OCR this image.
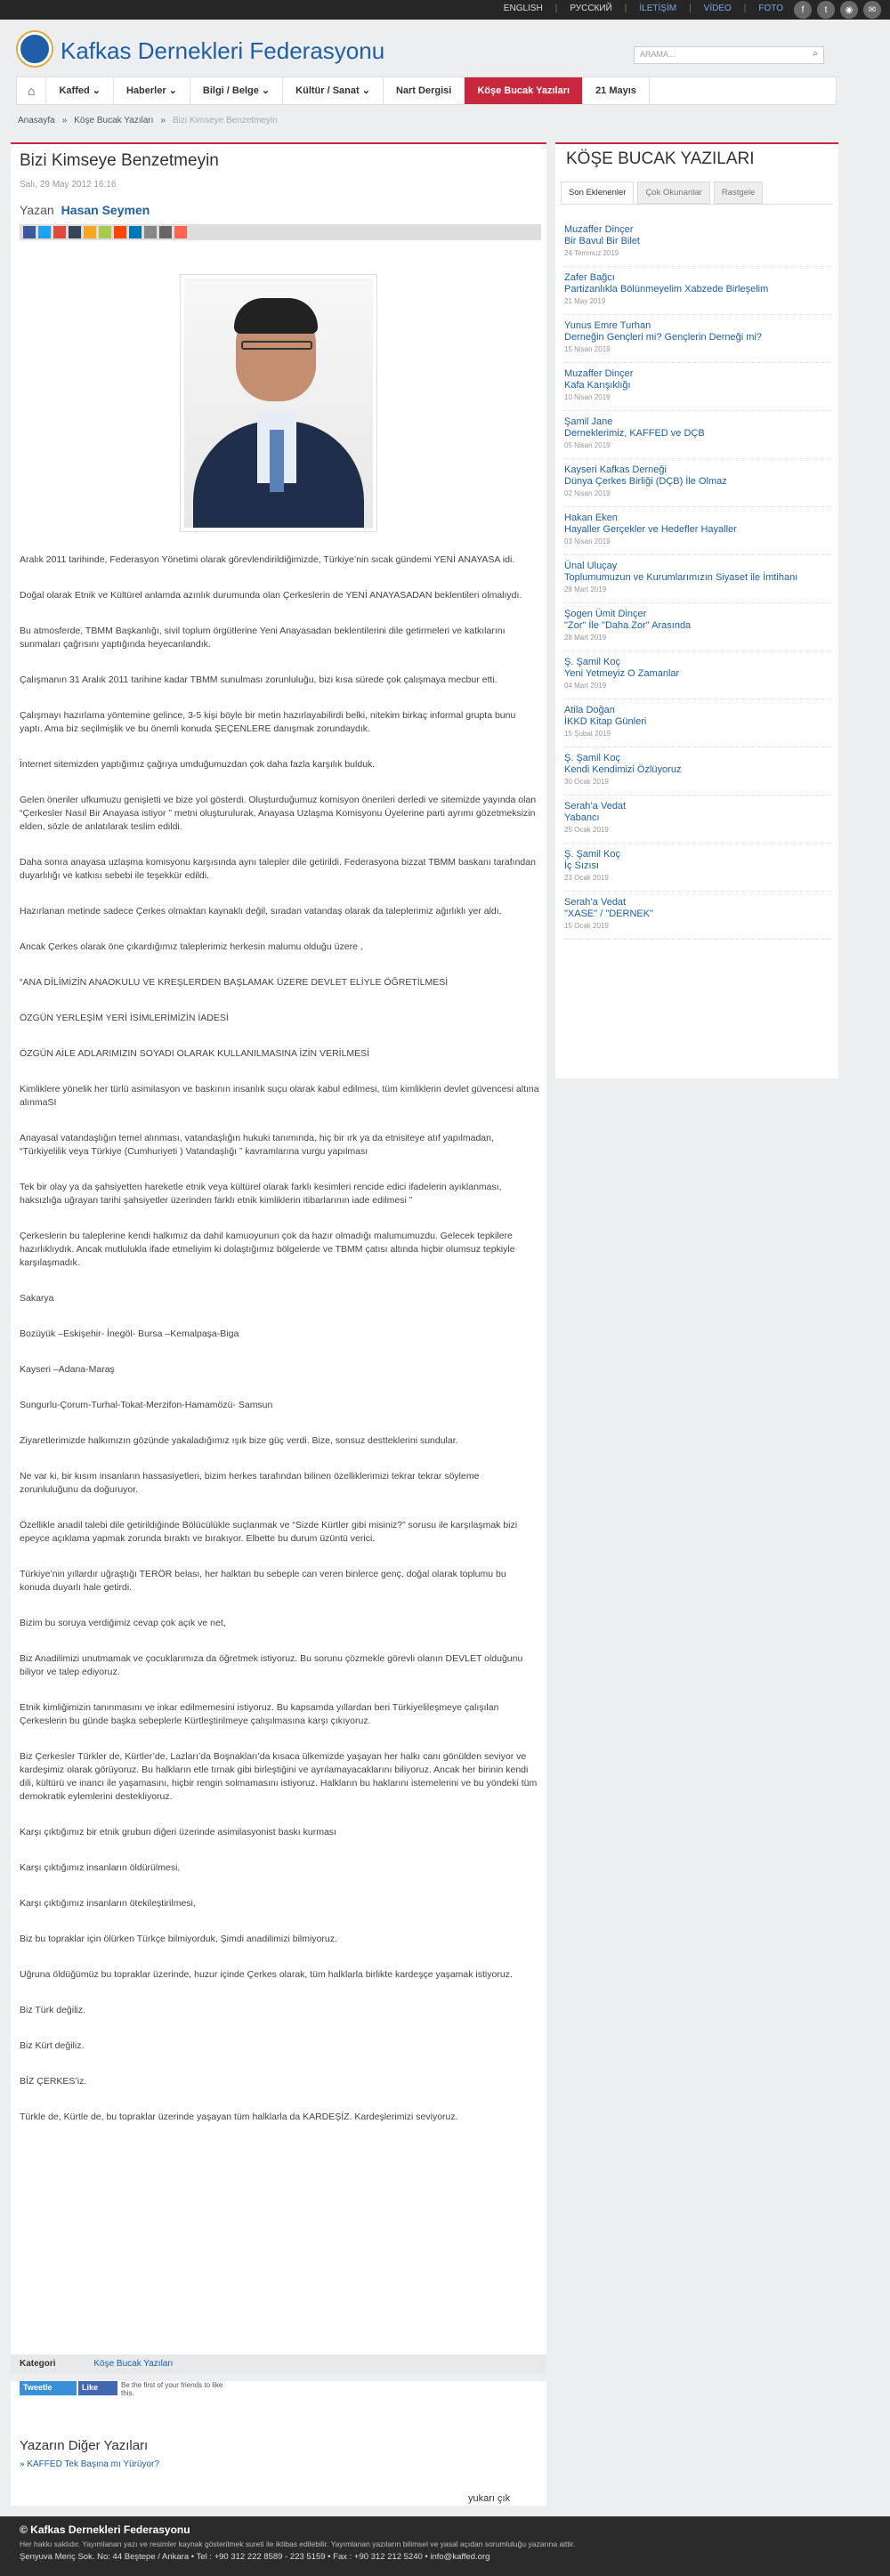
ENGLISH | РУССКИЙ | İLETİŞİM | VİDEO | FOTO	f	t	◉	✉
Kafkas Dernekleri Federasyonu	ARAMA...	⌕
⌂	Kaffed ⌄	Haberler ⌄	Bilgi / Belge ⌄	Kültür / Sanat ⌄	Nart Dergisi	Köşe Bucak Yazıları	21 Mayıs
Anasayfa » Köşe Bucak Yazıları » Bizi Kimseye Benzetmeyin
Bizi Kimseye Benzetmeyin
Salı, 29 May 2012 16:16
Yazan Hasan Seymen

Aralık 2011 tarihinde, Federasyon Yönetimi olarak görevlendirildiğimizde, Türkiye’nin sıcak gündemi YENİ ANAYASA idi.

Doğal olarak Etnik ve Kültürel anlamda azınlık durumunda olan Çerkeslerin de YENİ ANAYASADAN beklentileri olmalıydı.

Bu atmosferde, TBMM Başkanlığı, sivil toplum örgütlerine Yeni Anayasadan beklentilerini dile getirmeleri ve katkılarını sunmaları çağrısını yaptığında heyecanlandık.

Çalışmanın 31 Aralık 2011 tarihine kadar TBMM sunulması zorunluluğu, bizi kısa sürede çok çalışmaya mecbur etti.

Çalışmayı hazırlama yöntemine gelince, 3-5 kişi böyle bir metin hazırlayabilirdi belki, nitekim birkaç informal grupta bunu yaptı. Ama biz seçilmişlik ve bu önemli konuda ŞEÇENLERE danışmak zorundaydık.

İnternet sitemizden yaptığımız çağrıya umduğumuzdan çok daha fazla karşılık bulduk.

Gelen öneriler ufkumuzu genişletti ve bize yol gösterdi. Oluşturduğumuz komisyon önerileri derledi ve sitemizde yayında olan “Çerkesler Nasıl Bir Anayasa istiyor ” metni oluşturulurak, Anayasa Uzlaşma Komisyonu Üyelerine parti ayrımı gözetmeksizin elden, sözle de anlatılarak teslim edildi.

Daha sonra anayasa uzlaşma komisyonu karşısında aynı talepler dile getirildi. Federasyona bizzat TBMM baskanı tarafından duyarlılığı ve katkısı sebebi ile teşekkür edildi.

Hazırlanan metinde sadece Çerkes olmaktan kaynaklı değil, sıradan vatandaş olarak da taleplerimiz ağırlıklı yer aldı.

Ancak Çerkes olarak öne çıkardığımız taleplerimiz herkesin malumu olduğu üzere ,

“ANA DİLİMİZİN ANAOKULU VE KREŞLERDEN BAŞLAMAK ÜZERE DEVLET ELİYLE ÖĞRETİLMESİ

ÖZGÜN YERLEŞİM YERİ İSİMLERİMİZİN İADESİ

ÖZGÜN AİLE ADLARIMIZIN SOYADI OLARAK KULLANILMASINA İZİN VERİLMESİ

Kimliklere yönelik her türlü asimilasyon ve baskının insanlık suçu olarak kabul edilmesi, tüm kimliklerin devlet güvencesi altına alınmaSI

Anayasal vatandaşlığın temel alınması, vatandaşlığın hukuki tanımında, hiç bir ırk ya da etnisiteye atıf yapılmadan, “Türkiyelilik veya Türkiye (Cumhuriyeti ) Vatandaşlığı ” kavramlarına vurgu yapılması

Tek bir olay ya da şahsiyetten hareketle etnik veya kültürel olarak farklı kesimleri rencide edici ifadelerin ayıklanması, haksızlığa uğrayan tarihi şahsiyetler üzerinden farklı etnik kimliklerin itibarlarının iade edilmesi ”

Çerkeslerin bu taleplerine kendi halkımız da dahil kamuoyunun çok da hazır olmadığı malumumuzdu. Gelecek tepkilere hazırlıklıydık. Ancak mutlulukla ifade etmeliyim ki dolaştığımız bölgelerde ve TBMM çatısı altında hiçbir olumsuz tepkiyle karşılaşmadık.

Sakarya

Bozüyük –Eskişehir- İnegöl- Bursa –Kemalpaşa-Biga

Kayseri –Adana-Maraş

Sungurlu-Çorum-Turhal-Tokat-Merzifon-Hamamözü- Samsun

Ziyaretlerimizde halkımızın gözünde yakaladığımız ışık bize güç verdi. Bize, sonsuz destteklerini sundular.

Ne var ki, bir kısım insanların hassasiyetleri, bizim herkes tarafından bilinen özelliklerimizi tekrar tekrar söyleme zorunluluğunu da doğuruyor.

Özellikle anadil talebi dile getirildiğinde Bölücülükle suçlanmak ve “Sizde Kürtler gibi misiniz?” sorusu ile karşılaşmak bizi epeyce açıklama yapmak zorunda bıraktı ve bırakıyor. Elbette bu durum üzüntü verici.

Türkiye’nin yıllardır uğraştığı TERÖR belası, her halktan bu sebeple can veren binlerce genç, doğal olarak toplumu bu konuda duyarlı hale getirdi.

Bizim bu soruya verdiğimiz cevap çok açık ve net,

Biz Anadilimizi unutmamak ve çocuklarımıza da öğretmek istiyoruz. Bu sorunu çözmekle görevli olanın DEVLET olduğunu biliyor ve talep ediyoruz.

Etnik kimliğimizin tanınmasını ve inkar edilmemesini istiyoruz. Bu kapsamda yıllardan beri Türkiyelileşmeye çalışılan Çerkeslerin bu günde başka sebeplerle Kürtleştirilmeye çalışılmasına karşı çıkıyoruz.

Biz Çerkesler Türkler de, Kürtler’de, Lazları’da Boşnakları’da kısaca ülkemizde yaşayan her halkı canı gönülden seviyor ve kardeşimiz olarak görüyoruz. Bu halkların etle tırnak gibi birleştiğini ve ayrılamayacaklarını biliyoruz. Ancak her birinin kendi dili, kültürü ve inancı ile yaşamasını, hiçbir rengin solmamasını istiyoruz. Halkların bu haklarını istemelerini ve bu yöndeki tüm demokratik eylemlerini destekliyoruz.

Karşı çıktığımız bir etnik grubun diğeri üzerinde asimilasyonist baskı kurması

Karşı çıktığımız insanların öldürülmesi,

Karşı çıktığımız insanların ötekileştirilmesi,

Biz bu topraklar için ölürken Türkçe bilmiyorduk, Şimdi anadilimizi bilmiyoruz.

Uğruna öldüğümüz bu topraklar üzerinde, huzur içinde Çerkes olarak, tüm halklarla birlikte kardeşçe yaşamak istiyoruz.

Biz Türk değiliz.

Biz Kürt değiliz.

BİZ ÇERKES’iz.

Türkle de, Kürtle de, bu topraklar üzerinde yaşayan tüm halklarla da KARDEŞİZ. Kardeşlerimizi seviyoruz.

Kategori	Köşe Bucak Yazıları
Tweetle	Like	Be the first of your friends to like this.
Yazarın Diğer Yazıları
» KAFFED Tek Başına mı Yürüyor?
yukarı çık
KÖŞE BUCAK YAZILARI
Son Eklenenler	Çok Okunanlar	Rastgele
Muzaffer Dinçer
Bir Bavul Bir Bilet
24 Temmuz 2019
Zafer Bağcı
Partizanlıkla Bölünmeyelim Xabzede Birleşelim
21 May 2019
Yunus Emre Turhan
Derneğin Gençleri mi? Gençlerin Derneği mi?
15 Nisan 2019
Muzaffer Dinçer
Kafa Karışıklığı
10 Nisan 2019
Şamil Jane
Derneklerimiz, KAFFED ve DÇB
05 Nisan 2019
Kayseri Kafkas Derneği
Dünya Çerkes Birliği (DÇB) İle Olmaz
02 Nisan 2019
Hakan Eken
Hayaller Gerçekler ve Hedefler Hayaller
03 Nisan 2019
Ünal Uluçay
Toplumumuzun ve Kurumlarımızın Siyaset ile İmtihanı
28 Mart 2019
Şogen Ümit Dinçer
"Zor" İle "Daha Zor" Arasında
28 Mart 2019
Ş. Şamil Koç
Yeni Yetmeyiz O Zamanlar
04 Mart 2019
Atila Doğan
İKKD Kitap Günleri
15 Şubat 2019
Ş. Şamil Koç
Kendi Kendimizi Özlüyoruz
30 Ocak 2019
Serah’a Vedat
Yabancı
25 Ocak 2019
Ş. Şamil Koç
İç Sızısı
23 Ocak 2019
Serah’a Vedat
"XASE" / "DERNEK"
15 Ocak 2019
© Kafkas Dernekleri Federasyonu
Her hakkı saklıdır. Yayımlanan yazı ve resimler kaynak gösterilmek sureti ile iktibas edilebilir. Yayımlanan yazıların bilimsel ve yasal açıdan sorumluluğu yazarına aittir.
Şenyuva Meriç Sok. No: 44 Beştepe / Ankara • Tel : +90 312 222 8589 - 223 5159 • Fax : +90 312 212 5240 • info@kaffed.org
